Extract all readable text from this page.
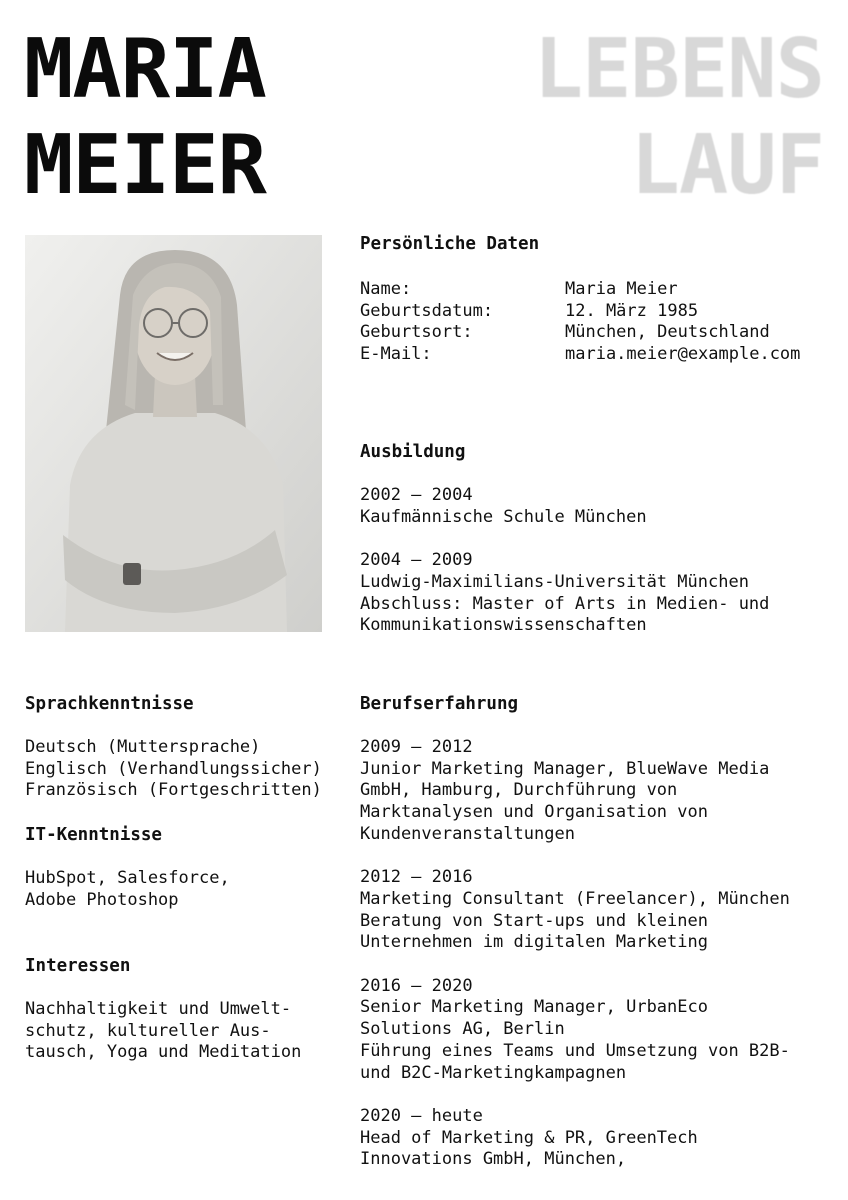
MARIA
MEIER
LEBENS
LAUF
Persönliche Daten
Name:	Maria Meier
Geburtsdatum:	12. März 1985
Geburtsort:	München, Deutschland
E-Mail:	maria.meier@example.com
Ausbildung
2002 – 2004
Kaufmännische Schule München
2004 – 2009
Ludwig-Maximilians-Universität München
Abschluss: Master of Arts in Medien- und
Kommunikationswissenschaften
Sprachkenntnisse
Deutsch (Muttersprache)
Englisch (Verhandlungssicher)
Französisch (Fortgeschritten)
IT-Kenntnisse
HubSpot, Salesforce,
Adobe Photoshop
Interessen
Nachhaltigkeit und Umwelt-
schutz, kultureller Aus-
tausch, Yoga und Meditation
Berufserfahrung
2009 – 2012
Junior Marketing Manager, BlueWave Media
GmbH, Hamburg, Durchführung von
Marktanalysen und Organisation von
Kundenveranstaltungen
2012 – 2016
Marketing Consultant (Freelancer), München
Beratung von Start-ups und kleinen
Unternehmen im digitalen Marketing
2016 – 2020
Senior Marketing Manager, UrbanEco
Solutions AG, Berlin
Führung eines Teams und Umsetzung von B2B-
und B2C-Marketingkampagnen
2020 – heute
Head of Marketing & PR, GreenTech
Innovations GmbH, München,
